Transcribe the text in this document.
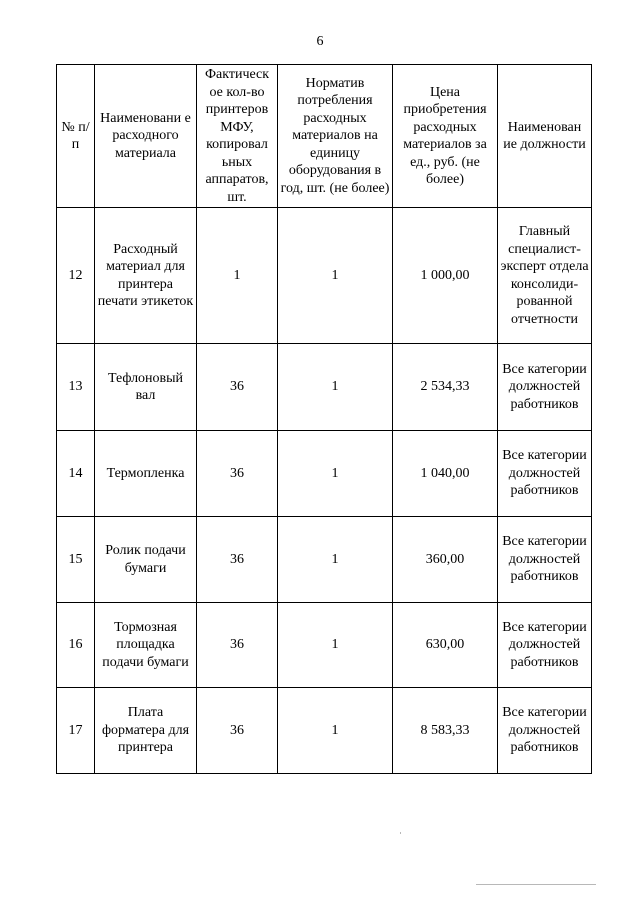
6
№ п/п	Наименовани е расходного материала	Фактическ ое кол-во принтеров МФУ, копировал ьных аппаратов, шт.	Норматив потребления расходных материалов на единицу оборудования в год, шт. (не более)	Цена приобретения расходных материалов за ед., руб. (не более)	Наименован ие должности

12	Расходный материал для принтера печати этикеток	1	1	1 000,00	Главный специалист-эксперт отдела консолиди-рованной отчетности
13	Тефлоновый вал	36	1	2 534,33	Все категории должностей работников
14	Термопленка	36	1	1 040,00	Все категории должностей работников
15	Ролик подачи бумаги	36	1	360,00	Все категории должностей работников
16	Тормозная площадка подачи бумаги	36	1	630,00	Все категории должностей работников
17	Плата форматера для принтера	36	1	8 583,33	Все категории должностей работников
